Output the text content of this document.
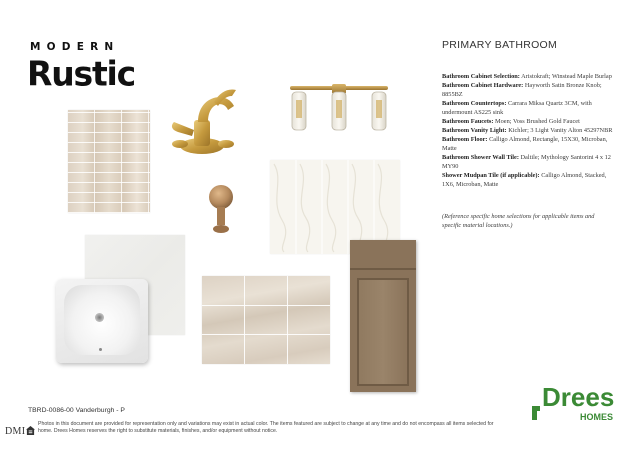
MODERN
Rustic
PRIMARY BATHROOM

Bathroom Cabinet Selection: Aristokraft; Winstead Maple Burlap

Bathroom Cabinet Hardware: Hayworth Satin Bronze Knob; 8855BZ

Bathroom Countertops: Carrara Miksa Quartz 3CM, with undermount AS225 sink

Bathroom Faucets: Moen; Voss Brushed Gold Faucet

Bathroom Vanity Light: Kichler; 3 Light Vanity Alton 45297NBR

Bathroom Floor: Calligo Almond, Rectangle, 15X30, Microban, Matte

Bathroom Shower Wall Tile: Daltile; Mythology Santorini 4 x 12 MY90

Shower Mudpan Tile (if applicable): Calligo Almond, Stacked, 1X6, Microban, Matte

(Reference specific home selections for applicable items and specific material locations.)
TBRD-0086-00 Vanderburgh - P
DMI
Photos in this document are provided for representation only and variations may exist in actual color. The items featured are subject to change at any time and do not encompass all items selected for home. Drees Homes reserves the right to substitute materials, finishes, and/or equipment without notice.
Drees
HOMES
